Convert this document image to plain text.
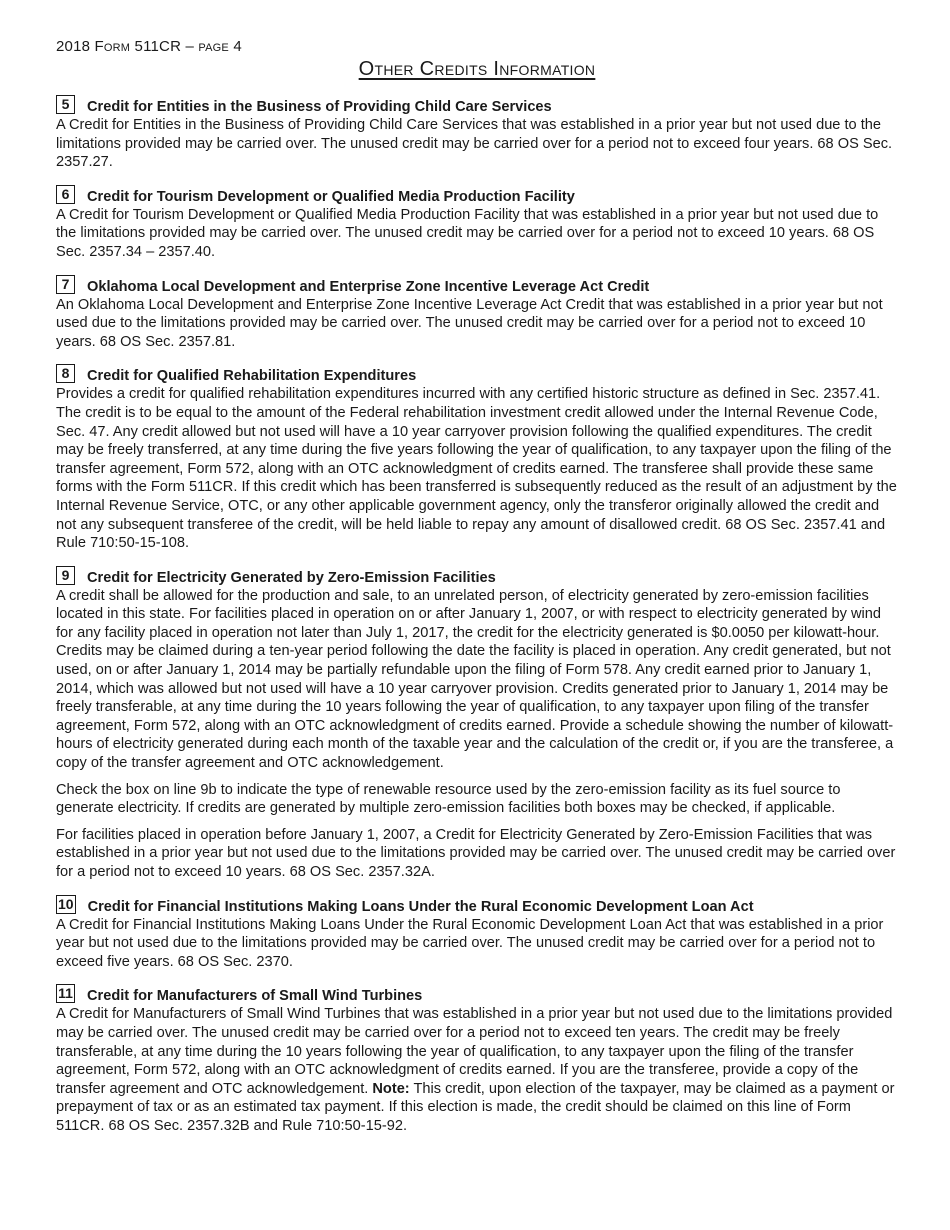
2018 Form 511CR – page 4
Other Credits Information
5	Credit for Entities in the Business of Providing Child Care Services

A Credit for Entities in the Business of Providing Child Care Services that was established in a prior year but not used due to the limitations provided may be carried over. The unused credit may be carried over for a period not to exceed four years. 68 OS Sec. 2357.27.

6	Credit for Tourism Development or Qualified Media Production Facility

A Credit for Tourism Development or Qualified Media Production Facility that was established in a prior year but not used due to the limitations provided may be carried over. The unused credit may be carried over for a period not to exceed 10 years. 68 OS Sec. 2357.34 – 2357.40.

7	Oklahoma Local Development and Enterprise Zone Incentive Leverage Act Credit

An Oklahoma Local Development and Enterprise Zone Incentive Leverage Act Credit that was established in a prior year but not used due to the limitations provided may be carried over. The unused credit may be carried over for a period not to exceed 10 years. 68 OS Sec. 2357.81.

8	Credit for Qualified Rehabilitation Expenditures

Provides a credit for qualified rehabilitation expenditures incurred with any certified historic structure as defined in Sec. 2357.41. The credit is to be equal to the amount of the Federal rehabilitation investment credit allowed under the Internal Revenue Code, Sec. 47. Any credit allowed but not used will have a 10 year carryover provision following the qualified expenditures. The credit may be freely transferred, at any time during the five years following the year of qualification, to any taxpayer upon the filing of the transfer agreement, Form 572, along with an OTC acknowledgment of credits earned. The transferee shall provide these same forms with the Form 511CR. If this credit which has been transferred is subsequently reduced as the result of an adjustment by the Internal Revenue Service, OTC, or any other applicable government agency, only the transferor originally allowed the credit and not any subsequent transferee of the credit, will be held liable to repay any amount of disallowed credit. 68 OS Sec. 2357.41 and Rule 710:50-15-108.

9	Credit for Electricity Generated by Zero-Emission Facilities

A credit shall be allowed for the production and sale, to an unrelated person, of electricity generated by zero-emission facilities located in this state. For facilities placed in operation on or after January 1, 2007, or with respect to electricity generated by wind for any facility placed in operation not later than July 1, 2017, the credit for the electricity generated is $0.0050 per kilowatt-hour. Credits may be claimed during a ten-year period following the date the facility is placed in operation. Any credit generated, but not used, on or after January 1, 2014 may be partially refundable upon the filing of Form 578. Any credit earned prior to January 1, 2014, which was allowed but not used will have a 10 year carryover provision. Credits generated prior to January 1, 2014 may be freely transferable, at any time during the 10 years following the year of qualification, to any taxpayer upon filing of the transfer agreement, Form 572, along with an OTC acknowledgment of credits earned. Provide a schedule showing the number of kilowatt-hours of electricity generated during each month of the taxable year and the calculation of the credit or, if you are the transferee, a copy of the transfer agreement and OTC acknowledgement.

Check the box on line 9b to indicate the type of renewable resource used by the zero-emission facility as its fuel source to generate electricity. If credits are generated by multiple zero-emission facilities both boxes may be checked, if applicable.

For facilities placed in operation before January 1, 2007, a Credit for Electricity Generated by Zero-Emission Facilities that was established in a prior year but not used due to the limitations provided may be carried over. The unused credit may be carried over for a period not to exceed 10 years. 68 OS Sec. 2357.32A.

10 Credit for Financial Institutions Making Loans Under the Rural Economic Development Loan Act

A Credit for Financial Institutions Making Loans Under the Rural Economic Development Loan Act that was established in a prior year but not used due to the limitations provided may be carried over. The unused credit may be carried over for a period not to exceed five years. 68 OS Sec. 2370.

11 Credit for Manufacturers of Small Wind Turbines

A Credit for Manufacturers of Small Wind Turbines that was established in a prior year but not used due to the limitations provided may be carried over. The unused credit may be carried over for a period not to exceed ten years. The credit may be freely transferable, at any time during the 10 years following the year of qualification, to any taxpayer upon the filing of the transfer agreement, Form 572, along with an OTC acknowledgment of credits earned. If you are the transferee, provide a copy of the transfer agreement and OTC acknowledgement. Note: This credit, upon election of the taxpayer, may be claimed as a payment or prepayment of tax or as an estimated tax payment. If this election is made, the credit should be claimed on this line of Form 511CR. 68 OS Sec. 2357.32B and Rule 710:50-15-92.
